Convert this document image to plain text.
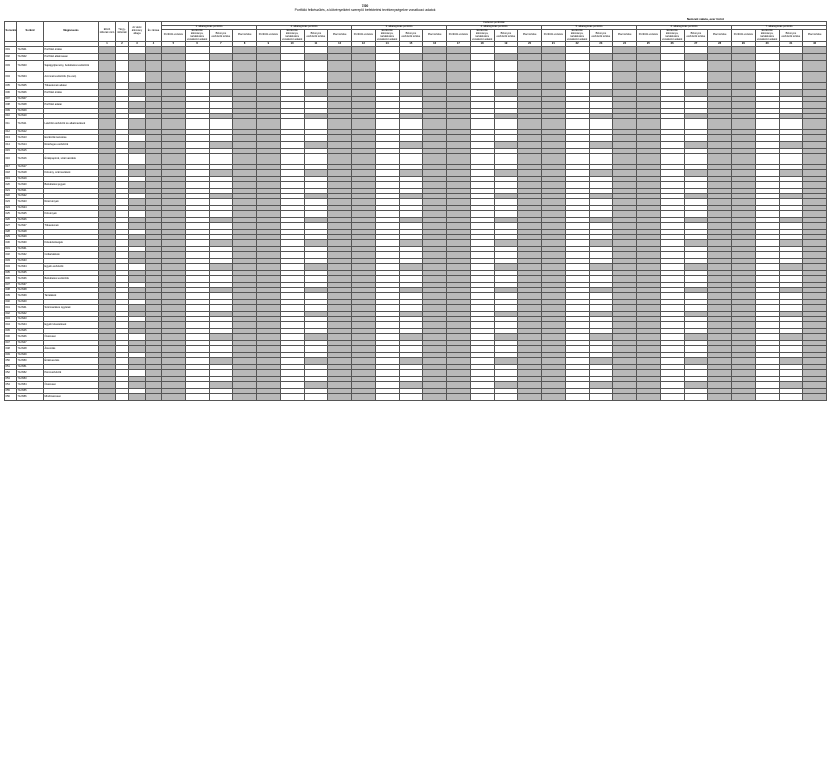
7/20
Portfólió felkészülés, a kötvényeiként szereplő befektetési tevékenységekre vonatkozó adatok
Nemzeti valuta, ezer forint
Sorszám	Sorkód	Megnevezés	Előző időszak záró	Tárgy-időszaki	Az aktív állomány átlaga	Év zárása	Fedezeti portfóliók																											
							1. alkategóriás portfólió				2. alkategóriás portfólió				3. alkategóriás portfólió				4. alkategóriás portfólió				5. alkategóriás portfólió				6. alkategóriás portfólió				7. alkategóriás portfólió			
							Portfólió vezetés	Eszközök állománya, tartalékokra vonatkozó adatok	Bizonyos eszközök értéke	Piaci értéke	Portfólió vezetés	Eszközök állománya, tartalékokra vonatkozó adatok	Bizonyos eszközök értéke	Piaci értéke	Portfólió vezetés	Eszközök állománya, tartalékokra vonatkozó adatok	Bizonyos eszközök értéke	Piaci értéke	Portfólió vezetés	Eszközök állománya, tartalékokra vonatkozó adatok	Bizonyos eszközök értéke	Piaci értéke	Portfólió vezetés	Eszközök állománya, tartalékokra vonatkozó adatok	Bizonyos eszközök értéke	Piaci értéke	Portfólió vezetés	Eszközök állománya, tartalékokra vonatkozó adatok	Bizonyos eszközök értéke	Piaci értéke	Portfólió vezetés	Eszközök állománya, tartalékokra vonatkozó adatok	Bizonyos eszközök értéke	Piaci értéke
			1	2	3	4	5	6	7	8	9	10	11	12	13	14	15	16	17	18	19	20	21	22	23	24	25	26	27	28	29	30	31	32
001	712N01	Portfólió értéke																																
002	712N02	Portfólió alkalmasan																																
003	712N03	Sajátgyűjtemény, befektetési eszközök																																
004	712N04	Azonnali eszközök (ha van)																																
005	712N05	Tőkeelemek adatai																																
006	712N06	Portfólió értéke																																
007	712N07																																	
008	712N08	Portfólió adatai																																
009	712N09																																	
010	712N10																																	
011	712N11	Lekötött eszközök és alkalmazások																																
012	712N12																																	
013	712N13	Eszközök kezelése																																
014	712N14	Részleges eszközök																																
015	712N15																																	
016	712N16	Értékpapírok, származékok																																
017	712N17																																	
018	712N18	Kötvény, származékok																																
019	712N19																																	
020	712N20	Befektetési jegyek																																
021	712N21																																	
022	712N22																																	
023	712N23	Részvények																																
024	712N24																																	
025	712N25	Kötvények																																
026	712N26																																	
027	712N27	Tőkeelemek																																
028	712N28																																	
029	712N29																																	
030	712N30	Kötelezettségek																																
031	712N31																																	
032	712N32	Céltartalékok																																
033	712N33																																	
034	712N34	Egyéb eszközök																																
035	712N35																																	
036	712N36	Befektetési eszközök																																
037	712N37																																	
038	712N38																																	
039	712N39	Tartalékok																																
040	712N40																																	
041	712N41	Származékos ügyletek																																
042	712N42																																	
043	712N43																																	
044	712N44	Egyéb követelések																																
045	712N45																																	
046	712N46	Összesen																																
047	712N47																																	
048	712N48	Átsorolás																																
049	712N49																																	
050	712N50	Értékvesztés																																
051	712N51																																	
052	712N52	Pénzeszközök																																
053	712N53																																	
054	712N54	Összesen																																
055	712N55																																	
056	712N56	Mindösszesen																																
